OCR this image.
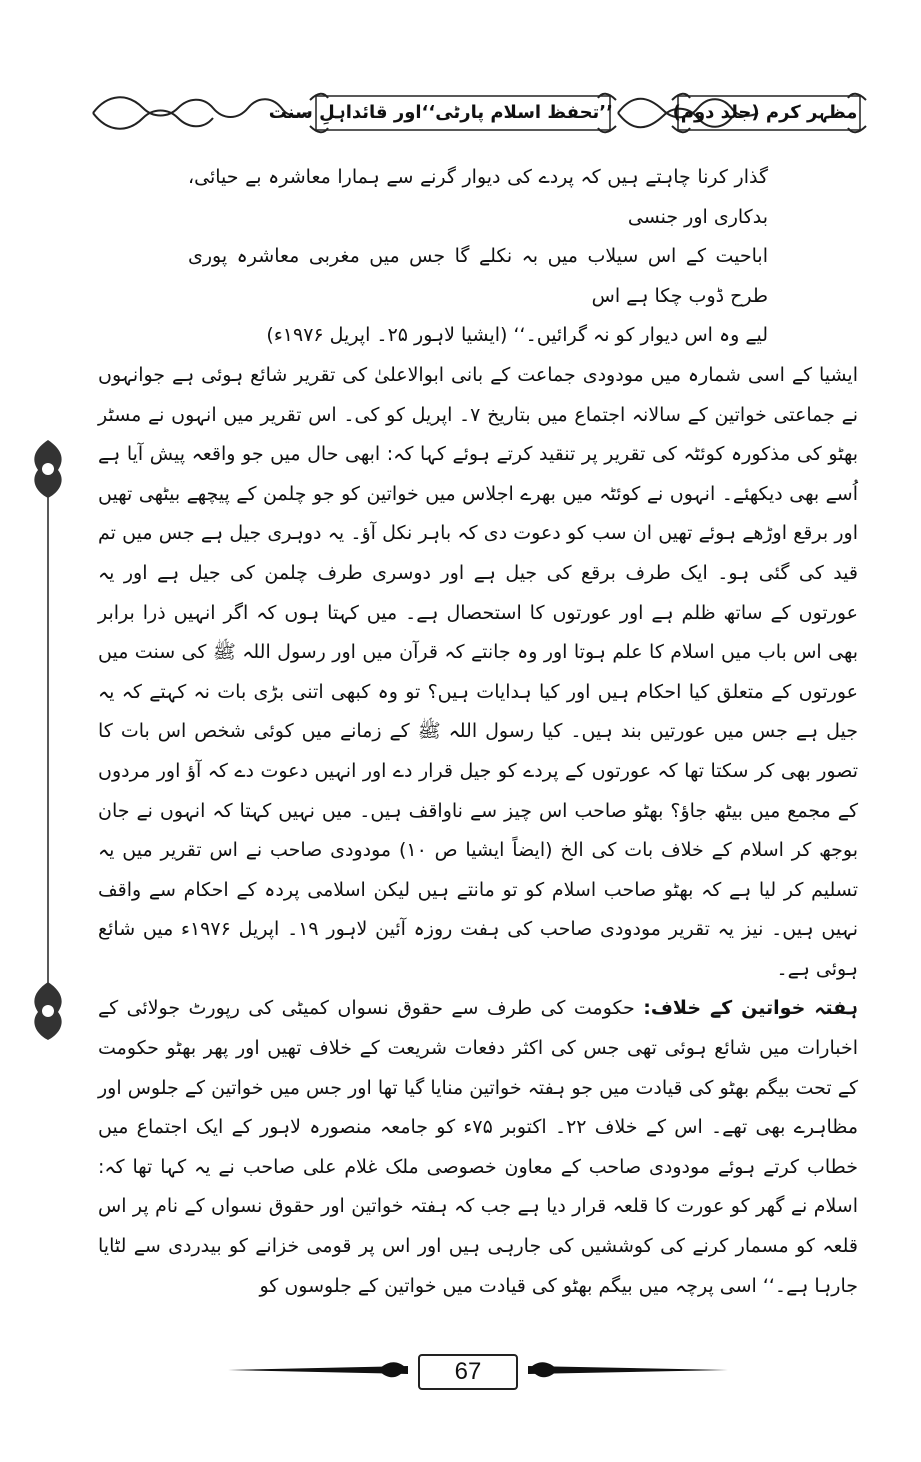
’’تحفظ اسلام پارٹی‘‘اور قائداہلِ سنت	مظہر کرم (جلد دوم)

گذار کرنا چاہتے ہیں کہ پردے کی دیوار گرنے سے ہمارا معاشرہ بے حیائی، بدکاری اور جنسی

اباحیت کے اس سیلاب میں بہ نکلے گا جس میں مغربی معاشرہ پوری طرح ڈوب چکا ہے اس

لیے وہ اس دیوار کو نہ گرائیں۔‘‘ (ایشیا لاہور ۲۵۔ اپریل ۱۹۷۶ء)

ایشیا کے اسی شمارہ میں مودودی جماعت کے بانی ابوالاعلیٰ کی تقریر شائع ہوئی ہے جوانہوں نے جماعتی خواتین کے سالانہ اجتماع میں بتاریخ ۷۔ اپریل کو کی۔ اس تقریر میں انہوں نے مسٹر بھٹو کی مذکورہ کوئٹہ کی تقریر پر تنقید کرتے ہوئے کہا کہ: ابھی حال میں جو واقعہ پیش آیا ہے اُسے بھی دیکھئے۔ انہوں نے کوئٹہ میں بھرے اجلاس میں خواتین کو جو چلمن کے پیچھے بیٹھی تھیں اور برقع اوڑھے ہوئے تھیں ان سب کو دعوت دی کہ باہر نکل آؤ۔ یہ دوہری جیل ہے جس میں تم قید کی گئی ہو۔ ایک طرف برقع کی جیل ہے اور دوسری طرف چلمن کی جیل ہے اور یہ عورتوں کے ساتھ ظلم ہے اور عورتوں کا استحصال ہے۔ میں کہتا ہوں کہ اگر انہیں ذرا برابر بھی اس باب میں اسلام کا علم ہوتا اور وہ جانتے کہ قرآن میں اور رسول اللہ ﷺ کی سنت میں عورتوں کے متعلق کیا احکام ہیں اور کیا ہدایات ہیں؟ تو وہ کبھی اتنی بڑی بات نہ کہتے کہ یہ جیل ہے جس میں عورتیں بند ہیں۔ کیا رسول اللہ ﷺ کے زمانے میں کوئی شخص اس بات کا تصور بھی کر سکتا تھا کہ عورتوں کے پردے کو جیل قرار دے اور انہیں دعوت دے کہ آؤ اور مردوں کے مجمع میں بیٹھ جاؤ؟ بھٹو صاحب اس چیز سے ناواقف ہیں۔ میں نہیں کہتا کہ انہوں نے جان بوجھ کر اسلام کے خلاف بات کی الخ (ایضاً ایشیا ص ۱۰) مودودی صاحب نے اس تقریر میں یہ تسلیم کر لیا ہے کہ بھٹو صاحب اسلام کو تو مانتے ہیں لیکن اسلامی پردہ کے احکام سے واقف نہیں ہیں۔ نیز یہ تقریر مودودی صاحب کی ہفت روزہ آئین لاہور ۱۹۔ اپریل ۱۹۷۶ء میں شائع ہوئی ہے۔

ہفتہ خواتین کے خلاف: حکومت کی طرف سے حقوق نسواں کمیٹی کی رپورٹ جولائی کے اخبارات میں شائع ہوئی تھی جس کی اکثر دفعات شریعت کے خلاف تھیں اور پھر بھٹو حکومت کے تحت بیگم بھٹو کی قیادت میں جو ہفتہ خواتین منایا گیا تھا اور جس میں خواتین کے جلوس اور مظاہرے بھی تھے۔ اس کے خلاف ۲۲۔ اکتوبر ۷۵ء کو جامعہ منصورہ لاہور کے ایک اجتماع میں خطاب کرتے ہوئے مودودی صاحب کے معاون خصوصی ملک غلام علی صاحب نے یہ کہا تھا کہ: اسلام نے گھر کو عورت کا قلعہ قرار دیا ہے جب کہ ہفتہ خواتین اور حقوق نسواں کے نام پر اس قلعہ کو مسمار کرنے کی کوششیں کی جارہی ہیں اور اس پر قومی خزانے کو بیدردی سے لٹایا جارہا ہے۔‘‘ اسی پرچہ میں بیگم بھٹو کی قیادت میں خواتین کے جلوسوں کو

67
